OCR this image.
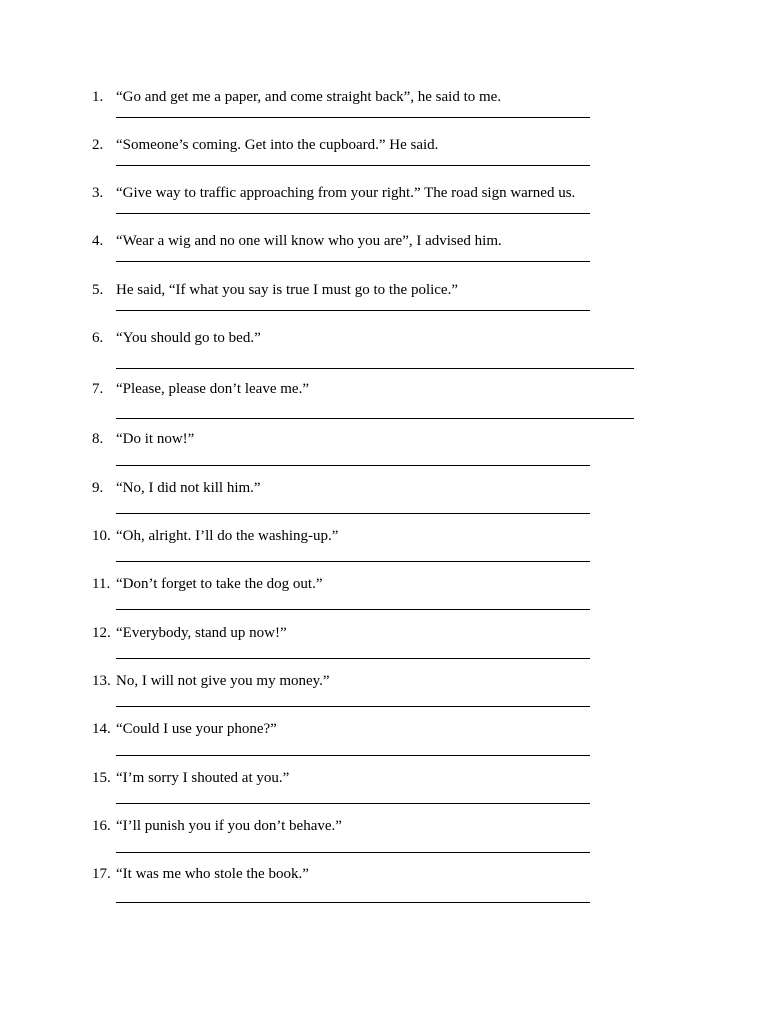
1. “Go and get me a paper, and come straight back”, he said to me.
2. “Someone’s coming. Get into the cupboard.” He said.
3. “Give way to traffic approaching from your right.” The road sign warned us.
4. “Wear a wig and no one will know who you are”, I advised him.
5. He said, “If what you say is true I must go to the police.”
6. “You should go to bed.”
7. “Please, please don’t leave me.”
8. “Do it now!”
9. “No, I did not kill him.”
10. “Oh, alright. I’ll do the washing-up.”
11. “Don’t forget to take the dog out.”
12. “Everybody, stand up now!”
13. No, I will not give you my money.”
14. “Could I use your phone?”
15. “I’m sorry I shouted at you.”
16. “I’ll punish you if you don’t behave.”
17. “It was me who stole the book.”
